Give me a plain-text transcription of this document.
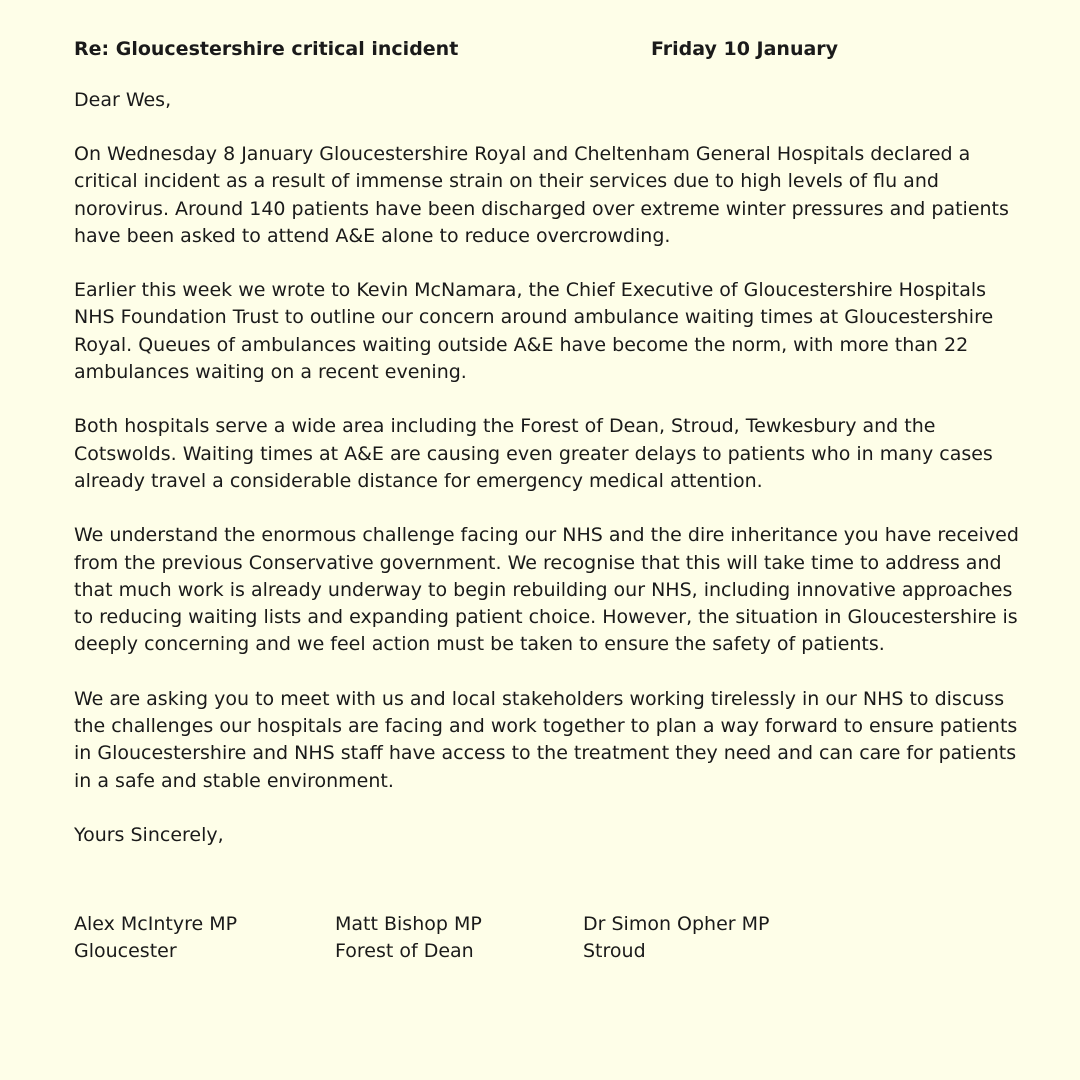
Re: Gloucestershire critical incident	Friday 10 January
Dear Wes,

On Wednesday 8 January Gloucestershire Royal and Cheltenham General Hospitals declared a critical incident as a result of immense strain on their services due to high levels of flu and norovirus. Around 140 patients have been discharged over extreme winter pressures and patients have been asked to attend A&E alone to reduce overcrowding.

Earlier this week we wrote to Kevin McNamara, the Chief Executive of Gloucestershire Hospitals NHS Foundation Trust to outline our concern around ambulance waiting times at Gloucestershire Royal. Queues of ambulances waiting outside A&E have become the norm, with more than 22 ambulances waiting on a recent evening.

Both hospitals serve a wide area including the Forest of Dean, Stroud, Tewkesbury and the Cotswolds. Waiting times at A&E are causing even greater delays to patients who in many cases already travel a considerable distance for emergency medical attention.

We understand the enormous challenge facing our NHS and the dire inheritance you have received from the previous Conservative government. We recognise that this will take time to address and that much work is already underway to begin rebuilding our NHS, including innovative approaches to reducing waiting lists and expanding patient choice. However, the situation in Gloucestershire is deeply concerning and we feel action must be taken to ensure the safety of patients.

We are asking you to meet with us and local stakeholders working tirelessly in our NHS to discuss the challenges our hospitals are facing and work together to plan a way forward to ensure patients in Gloucestershire and NHS staff have access to the treatment they need and can care for patients in a safe and stable environment.

Yours Sincerely,
Alex McIntyre MP
Gloucester
Matt Bishop MP
Forest of Dean
Dr Simon Opher MP
Stroud
